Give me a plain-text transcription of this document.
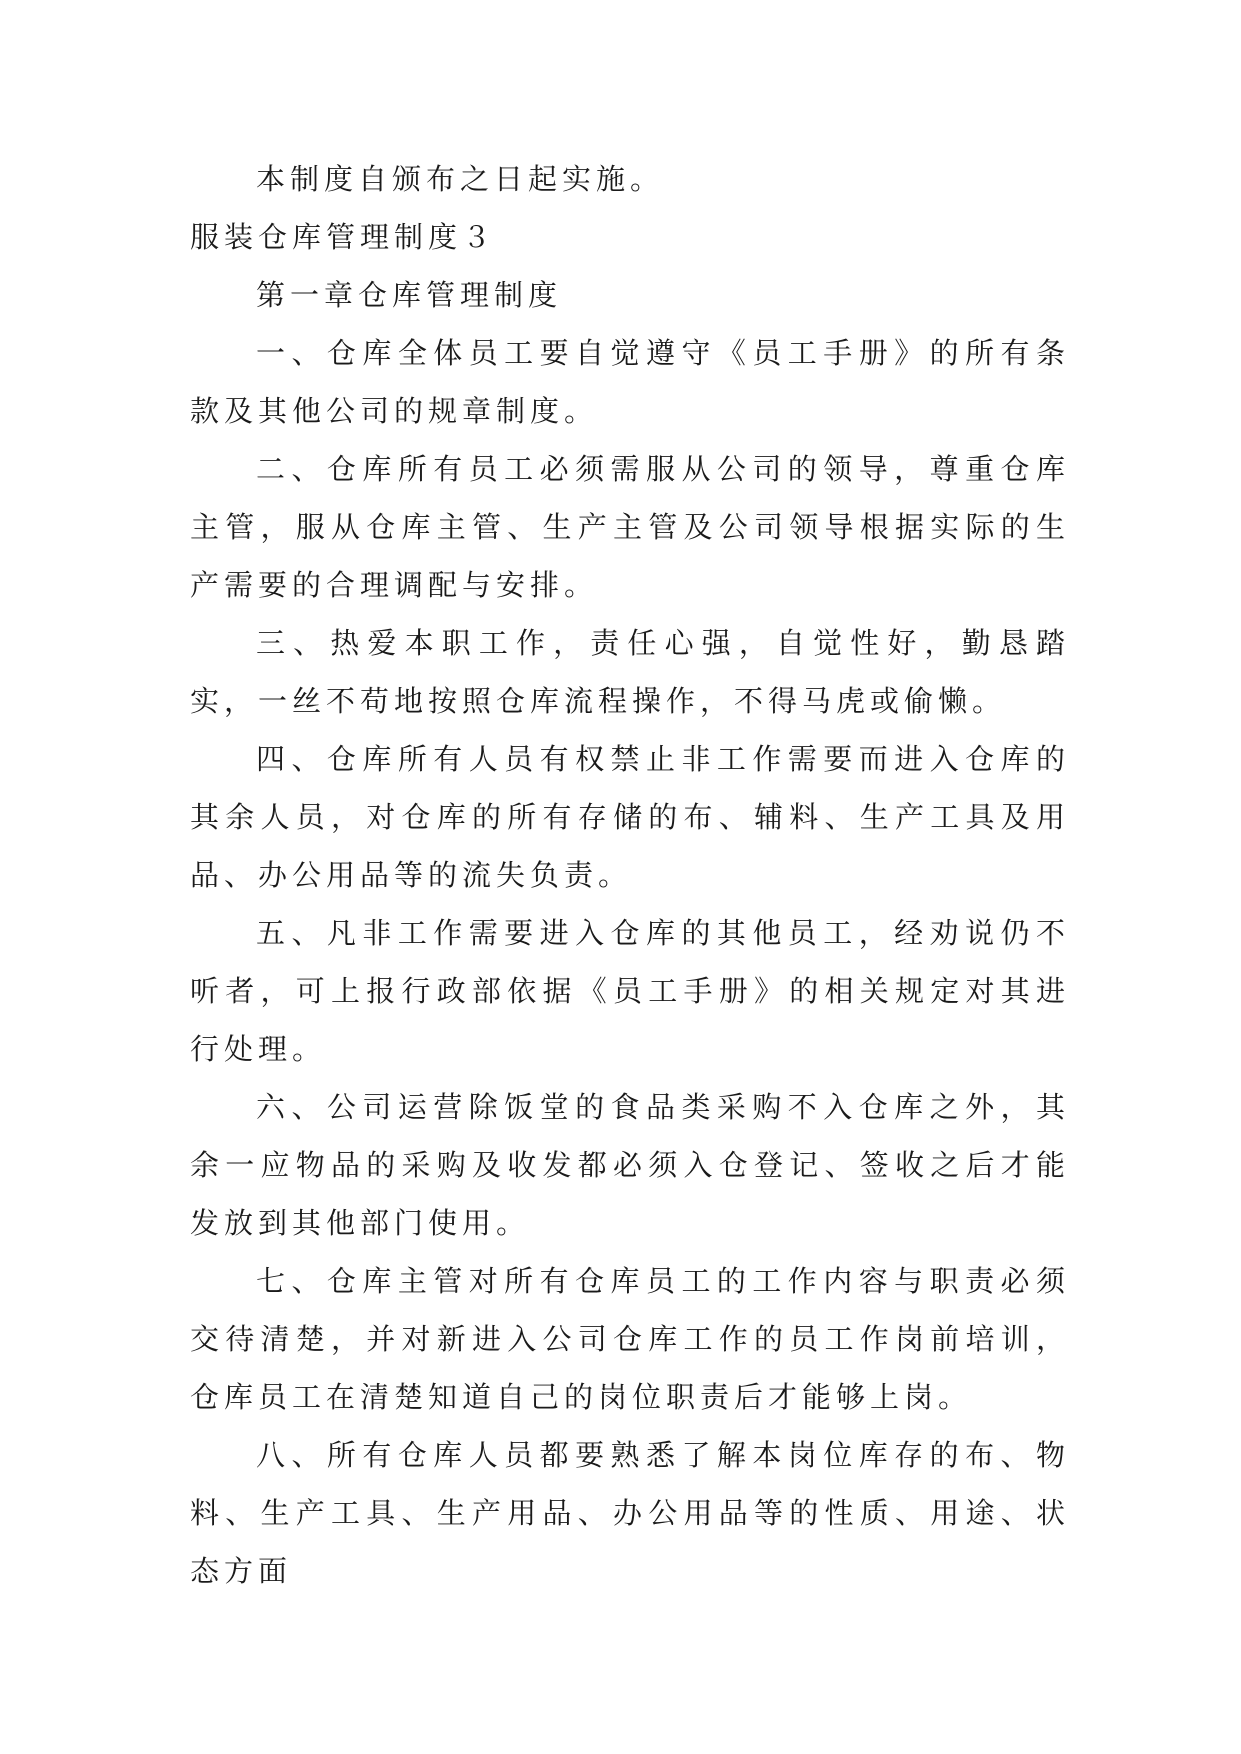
本制度自颁布之日起实施。

服装仓库管理制度３

第一章仓库管理制度

一、仓库全体员工要自觉遵守《员工手册》的所有条款及其他公司的规章制度。

二、仓库所有员工必须需服从公司的领导，尊重仓库主管，服从仓库主管、生产主管及公司领导根据实际的生产需要的合理调配与安排。

三、热爱本职工作，责任心强，自觉性好，勤恳踏实，一丝不苟地按照仓库流程操作，不得马虎或偷懒。

四、仓库所有人员有权禁止非工作需要而进入仓库的其余人员，对仓库的所有存储的布、辅料、生产工具及用品、办公用品等的流失负责。

五、凡非工作需要进入仓库的其他员工，经劝说仍不听者，可上报行政部依据《员工手册》的相关规定对其进行处理。

六、公司运营除饭堂的食品类采购不入仓库之外，其余一应物品的采购及收发都必须入仓登记、签收之后才能发放到其他部门使用。

七、仓库主管对所有仓库员工的工作内容与职责必须交待清楚，并对新进入公司仓库工作的员工作岗前培训，仓库员工在清楚知道自己的岗位职责后才能够上岗。

八、所有仓库人员都要熟悉了解本岗位库存的布、物料、生产工具、生产用品、办公用品等的性质、用途、状态方面
